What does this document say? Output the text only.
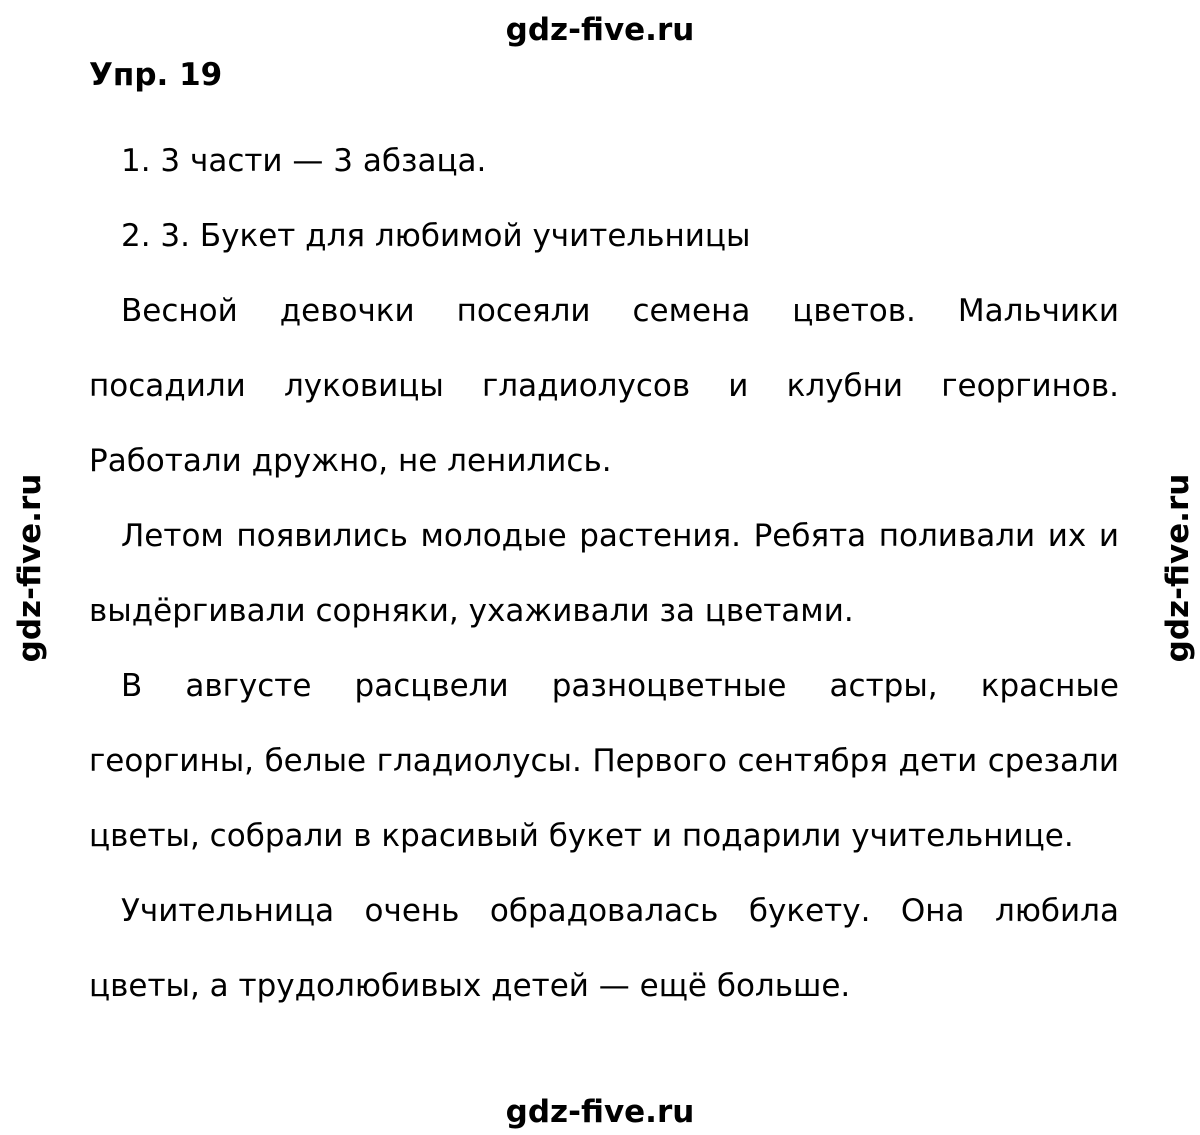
gdz-five.ru
gdz-five.ru	gdz-five.ru
Упр. 19

1. 3 части — 3 абзаца.

2. 3. Букет для любимой учительницы

Весной девочки посеяли семена цветов. Мальчики посадили луковицы гладиолусов и клубни георгинов. Работали дружно, не ленились.

Летом появились молодые растения. Ребята поливали их и выдёргивали сорняки, ухаживали за цветами.

В августе расцвели разноцветные астры, красные георгины, белые гладиолусы. Первого сентября дети срезали цветы, собрали в красивый букет и подарили учительнице.

Учительница очень обрадовалась букету. Она любила цветы, а трудолюбивых детей — ещё больше.

gdz-five.ru
